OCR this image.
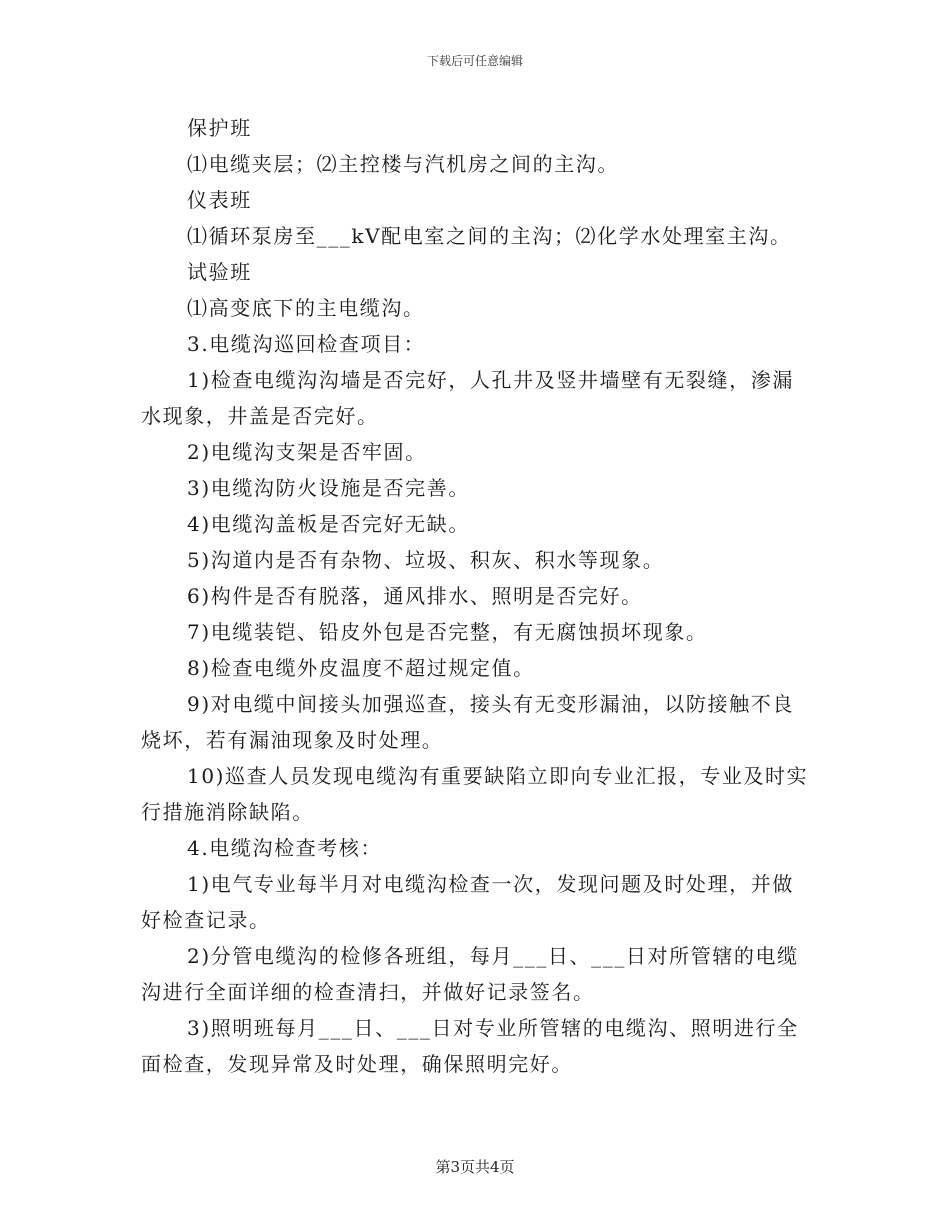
下载后可任意编辑

保护班

⑴电缆夹层；⑵主控楼与汽机房之间的主沟。

仪表班

⑴循环泵房至___kV配电室之间的主沟；⑵化学水处理室主沟。

试验班

⑴高变底下的主电缆沟。

3.电缆沟巡回检查项目：

1)检查电缆沟沟墙是否完好，人孔井及竖井墙壁有无裂缝，渗漏水现象，井盖是否完好。

2)电缆沟支架是否牢固。

3)电缆沟防火设施是否完善。

4)电缆沟盖板是否完好无缺。

5)沟道内是否有杂物、垃圾、积灰、积水等现象。

6)构件是否有脱落，通风排水、照明是否完好。

7)电缆装铠、铅皮外包是否完整，有无腐蚀损坏现象。

8)检查电缆外皮温度不超过规定值。

9)对电缆中间接头加强巡查，接头有无变形漏油，以防接触不良烧坏，若有漏油现象及时处理。

10)巡查人员发现电缆沟有重要缺陷立即向专业汇报，专业及时实行措施消除缺陷。

4.电缆沟检查考核：

1)电气专业每半月对电缆沟检查一次，发现问题及时处理，并做好检查记录。

2)分管电缆沟的检修各班组，每月___日、___日对所管辖的电缆沟进行全面详细的检查清扫，并做好记录签名。

3)照明班每月___日、___日对专业所管辖的电缆沟、照明进行全面检查，发现异常及时处理，确保照明完好。

第3页共4页
